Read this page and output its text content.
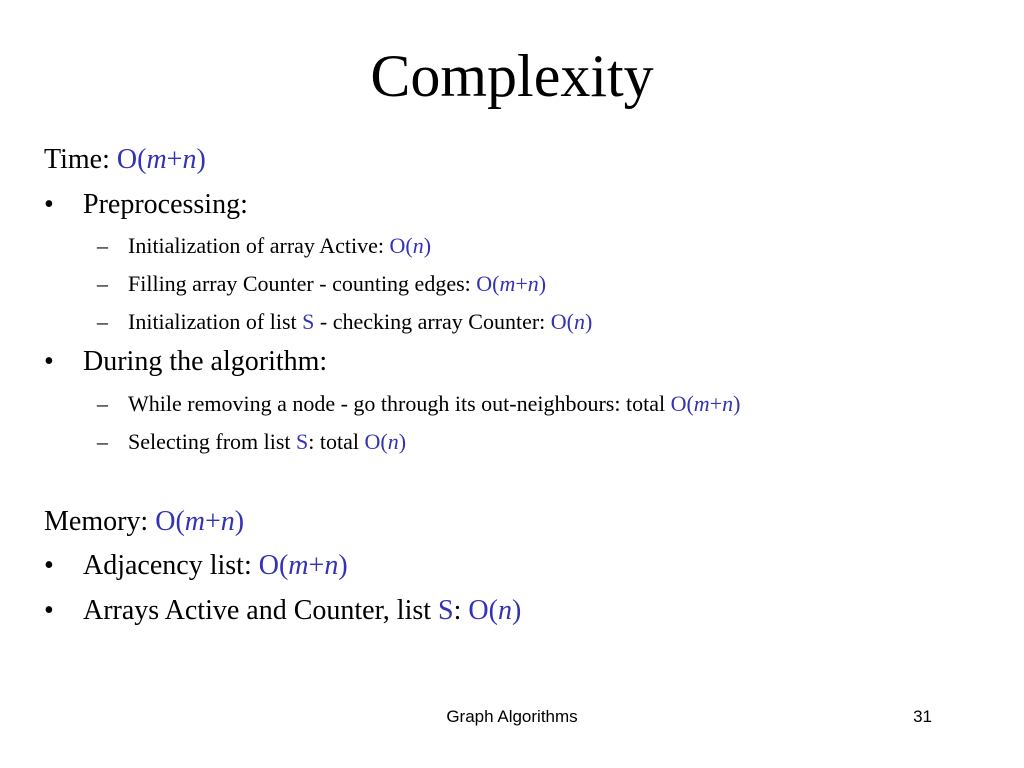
Complexity
Time: O(m+n)
• Preprocessing:
– Initialization of array Active: O(n)
– Filling array Counter - counting edges: O(m+n)
– Initialization of list S - checking array Counter: O(n)
• During the algorithm:
– While removing a node - go through its out-neighbours: total O(m+n)
– Selecting from list S: total O(n)
Memory: O(m+n)
• Adjacency list: O(m+n)
• Arrays Active and Counter, list S: O(n)
Graph Algorithms	31
